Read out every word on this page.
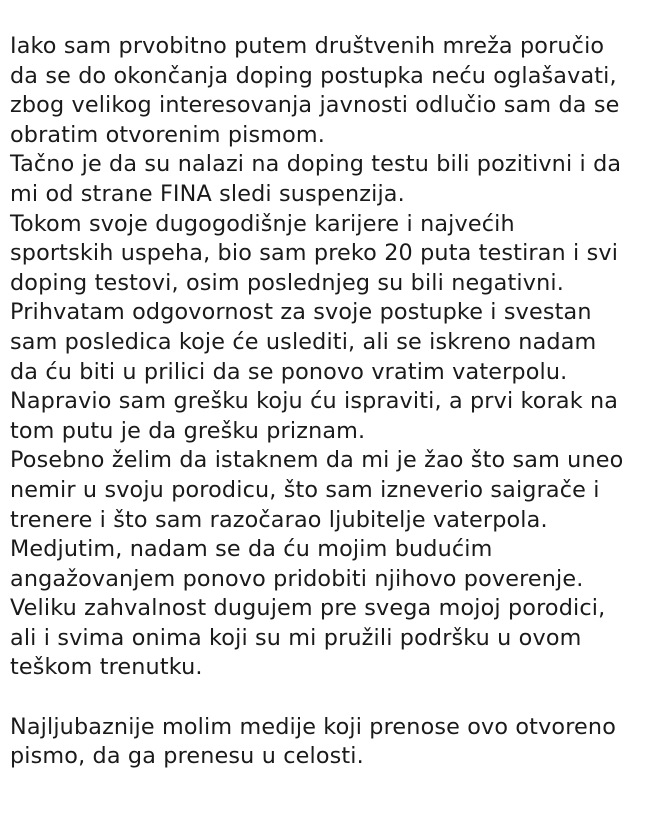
Iako sam prvobitno putem društvenih mreža poručio
da se do okončanja doping postupka neću oglašavati,
zbog velikog interesovanja javnosti odlučio sam da se
obratim otvorenim pismom.
Tačno je da su nalazi na doping testu bili pozitivni i da
mi od strane FINA sledi suspenzija.
Tokom svoje dugogodišnje karijere i najvećih
sportskih uspeha, bio sam preko 20 puta testiran i svi
doping testovi, osim poslednjeg su bili negativni.
Prihvatam odgovornost za svoje postupke i svestan
sam posledica koje će uslediti, ali se iskreno nadam
da ću biti u prilici da se ponovo vratim vaterpolu.
Napravio sam grešku koju ću ispraviti, a prvi korak na
tom putu je da grešku priznam.
Posebno želim da istaknem da mi je žao što sam uneo
nemir u svoju porodicu, što sam izneverio saigrače i
trenere i što sam razočarao ljubitelje vaterpola.
Medjutim, nadam se da ću mojim budućim
angažovanjem ponovo pridobiti njihovo poverenje.
Veliku zahvalnost dugujem pre svega mojoj porodici,
ali i svima onima koji su mi pružili podršku u ovom
teškom trenutku.
Najljubaznije molim medije koji prenose ovo otvoreno
pismo, da ga prenesu u celosti.
